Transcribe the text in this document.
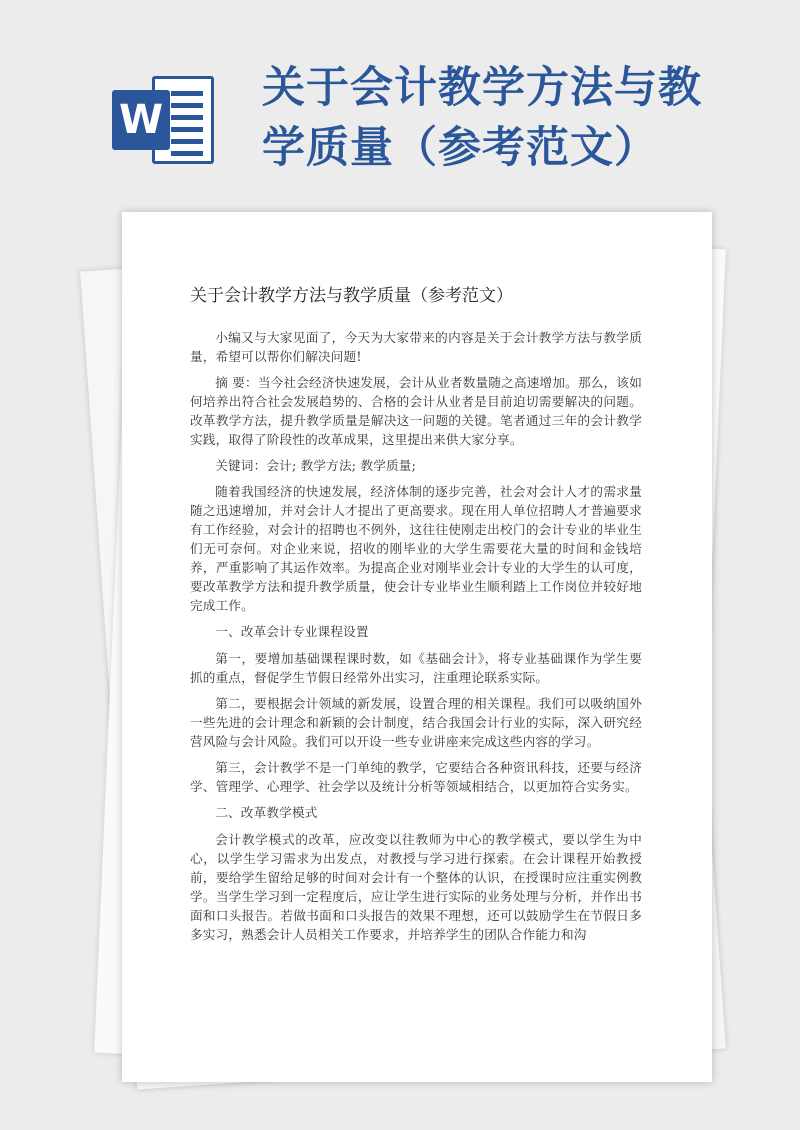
W
关于会计教学方法与教学质量（参考范文）
关于会计教学方法与教学质量（参考范文）

小编又与大家见面了，今天为大家带来的内容是关于会计教学方法与教学质量，希望可以帮你们解决问题!

摘 要：当今社会经济快速发展，会计从业者数量随之高速增加。那么，该如何培养出符合社会发展趋势的、合格的会计从业者是目前迫切需要解决的问题。改革教学方法，提升教学质量是解决这一问题的关键。笔者通过三年的会计教学实践，取得了阶段性的改革成果，这里提出来供大家分享。

关键词：会计; 教学方法; 教学质量;

随着我国经济的快速发展，经济体制的逐步完善，社会对会计人才的需求量随之迅速增加，并对会计人才提出了更高要求。现在用人单位招聘人才普遍要求有工作经验，对会计的招聘也不例外，这往往使刚走出校门的会计专业的毕业生们无可奈何。对企业来说，招收的刚毕业的大学生需要花大量的时间和金钱培养，严重影响了其运作效率。为提高企业对刚毕业会计专业的大学生的认可度，要改革教学方法和提升教学质量，使会计专业毕业生顺利踏上工作岗位并较好地完成工作。

一、改革会计专业课程设置

第一，要增加基础课程课时数，如《基础会计》，将专业基础课作为学生要抓的重点，督促学生节假日经常外出实习，注重理论联系实际。

第二，要根据会计领域的新发展，设置合理的相关课程。我们可以吸纳国外一些先进的会计理念和新颖的会计制度，结合我国会计行业的实际，深入研究经营风险与会计风险。我们可以开设一些专业讲座来完成这些内容的学习。

第三，会计教学不是一门单纯的教学，它要结合各种资讯科技，还要与经济学、管理学、心理学、社会学以及统计分析等领域相结合，以更加符合实务实。

二、改革教学模式

会计教学模式的改革，应改变以往教师为中心的教学模式，要以学生为中心，以学生学习需求为出发点，对教授与学习进行探索。在会计课程开始教授前，要给学生留给足够的时间对会计有一个整体的认识，在授课时应注重实例教学。当学生学习到一定程度后，应让学生进行实际的业务处理与分析，并作出书面和口头报告。若做书面和口头报告的效果不理想，还可以鼓励学生在节假日多多实习，熟悉会计人员相关工作要求，并培养学生的团队合作能力和沟
